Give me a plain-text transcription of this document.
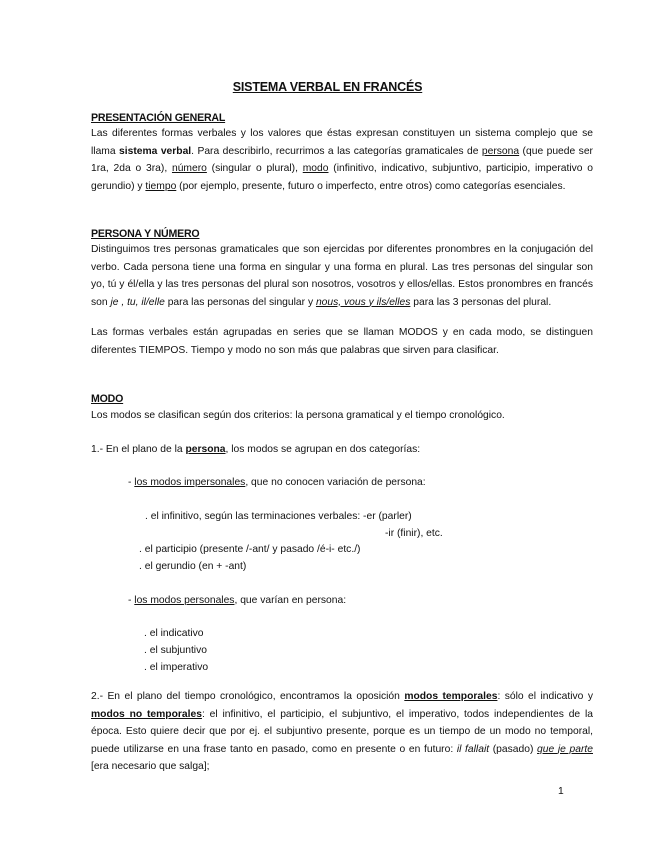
SISTEMA VERBAL EN FRANCÉS
PRESENTACIÓN GENERAL

Las diferentes formas verbales y los valores que éstas expresan constituyen un sistema complejo que se llama sistema verbal. Para describirlo, recurrimos a las categorías gramaticales de persona (que puede ser 1ra, 2da o 3ra), número (singular o plural), modo (infinitivo, indicativo, subjuntivo, participio, imperativo o gerundio) y tiempo (por ejemplo, presente, futuro o imperfecto, entre otros) como categorías esenciales.

PERSONA Y NÚMERO

Distinguimos tres personas gramaticales que son ejercidas por diferentes pronombres en la conjugación del verbo. Cada persona tiene una forma en singular y una forma en plural. Las tres personas del singular son yo, tú y él/ella y las tres personas del plural son nosotros, vosotros y ellos/ellas. Estos pronombres en francés son je , tu, il/elle para las personas del singular y nous, vous y ils/elles para las 3 personas del plural.

Las formas verbales están agrupadas en series que se llaman MODOS y en cada modo, se distinguen diferentes TIEMPOS. Tiempo y modo no son más que palabras que sirven para clasificar.

MODO
Los modos se clasifican según dos criterios: la persona gramatical y el tiempo cronológico.
1.- En el plano de la persona, los modos se agrupan en dos categorías:
- los modos impersonales, que no conocen variación de persona:
. el infinitivo, según las terminaciones verbales: -er (parler)
-ir (finir), etc.
. el participio (presente /-ant/ y pasado /é-i- etc./)
. el gerundio (en + -ant)
- los modos personales, que varían en persona:
. el indicativo
. el subjuntivo
. el imperativo

2.- En el plano del tiempo cronológico, encontramos la oposición modos temporales: sólo el indicativo y modos no temporales: el infinitivo, el participio, el subjuntivo, el imperativo, todos independientes de la época. Esto quiere decir que por ej. el subjuntivo presente, porque es un tiempo de un modo no temporal, puede utilizarse en una frase tanto en pasado, como en presente o en futuro: il fallait (pasado) que je parte [era necesario que salga];

1
